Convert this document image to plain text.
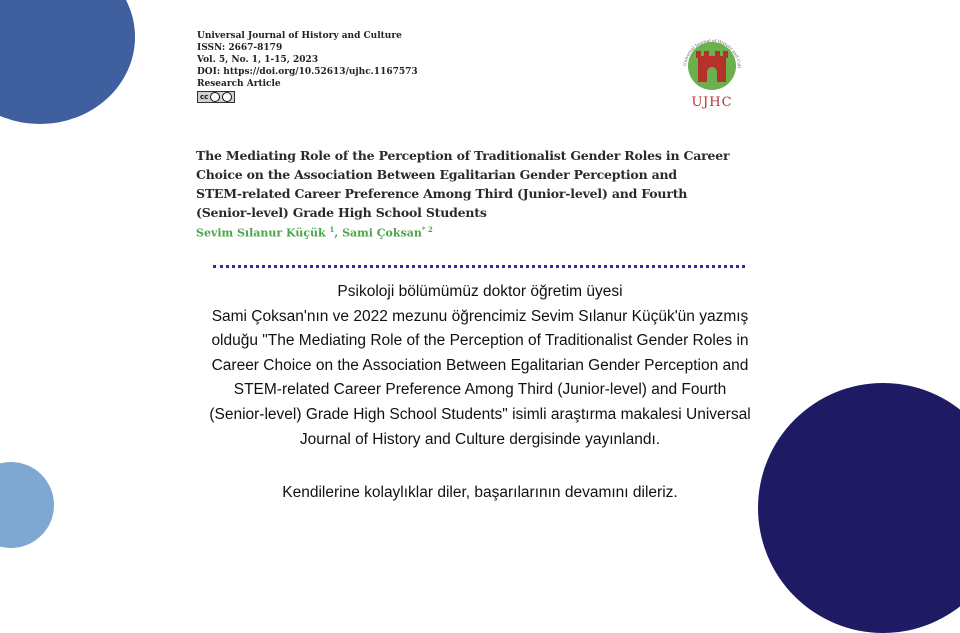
Universal Journal of History and Culture
ISSN: 2667-8179
Vol. 5, No. 1, 1-15, 2023
DOI: https://doi.org/10.52613/ujhc.1167573
Research Article
cc
Universal Journal of History and Cult
UJHC
The Mediating Role of the Perception of Traditionalist Gender Roles in Career
Choice on the Association Between Egalitarian Gender Perception and
STEM-related Career Preference Among Third (Junior-level) and Fourth
(Senior-level) Grade High School Students
Sevim Sılanur Küçük $^1$, Sami Çoksan$^{* 2}$
Psikoloji bölümümüz doktor öğretim üyesi
Sami Çoksan'nın ve 2022 mezunu öğrencimiz Sevim Sılanur Küçük'ün yazmış
olduğu "The Mediating Role of the Perception of Traditionalist Gender Roles in
Career Choice on the Association Between Egalitarian Gender Perception and
STEM-related Career Preference Among Third (Junior-level) and Fourth
(Senior-level) Grade High School Students" isimli araştırma makalesi Universal
Journal of History and Culture dergisinde yayınlandı.
Kendilerine kolaylıklar diler, başarılarının devamını dileriz.
